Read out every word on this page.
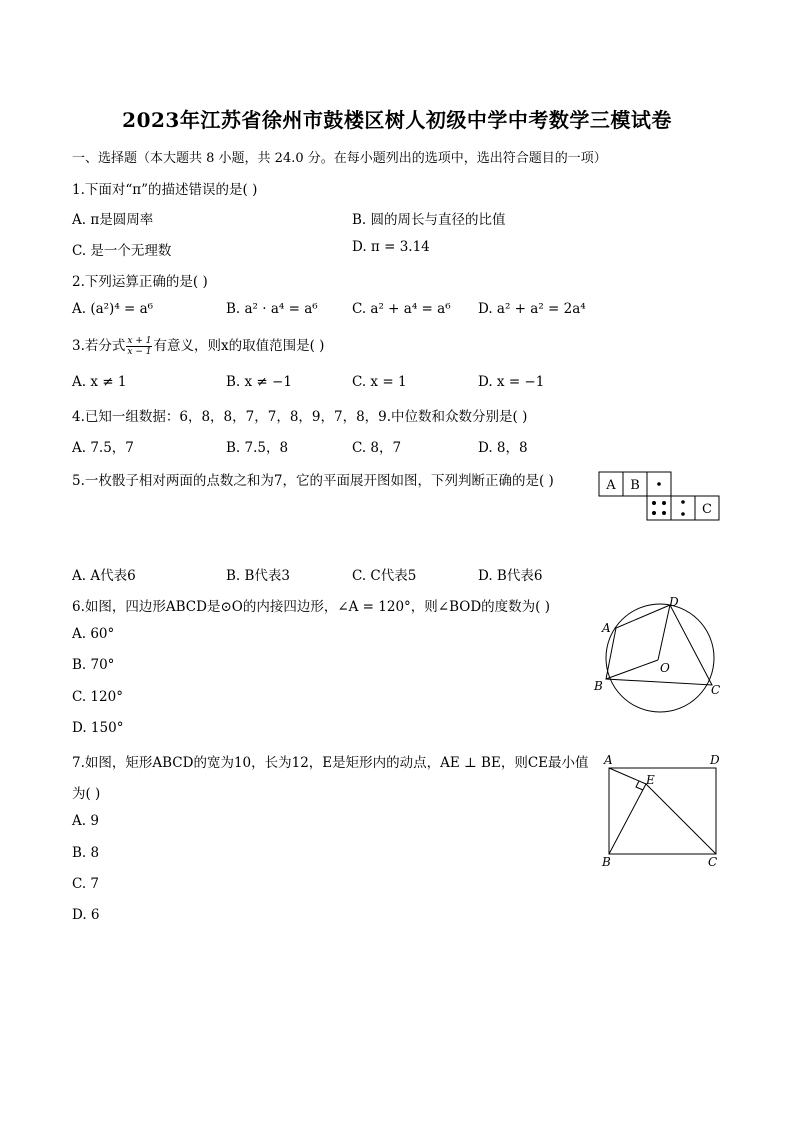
2023年江苏省徐州市鼓楼区树人初级中学中考数学三模试卷
一、选择题（本大题共 8 小题，共 24.0 分。在每小题列出的选项中，选出符合题目的一项）
1.下面对“π”的描述错误的是( )
A. π是圆周率	B. 圆的周长与直径的比值
C. 是一个无理数	D. π = 3.14
2.下列运算正确的是( )
A. (a²)⁴ = a⁶	B. a² · a⁴ = a⁶	C. a² + a⁴ = a⁶ D. a² + a² = 2a⁴
3.若分式 $\frac{x + 1}{x - 1}$ 有意义，则x的取值范围是( )
A. x ≠ 1	B. x ≠ −1	C. x = 1	D. x = −1
4.已知一组数据：6，8，8，7，7，8，9，7，8，9.中位数和众数分别是( )
A. 7.5，7	B. 7.5，8	C. 8，7	D. 8，8
5.一枚骰子相对两面的点数之和为7，它的平面展开图如图，下列判断正确的是( )	A B
C
A. A代表6	B. B代表3	C. C代表5	D. B代表6
6.如图，四边形ABCD是⊙O的内接四边形，∠A = 120°，则∠BOD的度数为( )
A. 60°
B. 70°
C. 120°
D. 150°
A
B	C
D
O
7.如图，矩形ABCD的宽为10，长为12，E是矩形内的动点，AE ⊥ BE，则CE最小值
为( )
A. 9
B. 8
C. 7
D. 6
A	D
B	C
E
